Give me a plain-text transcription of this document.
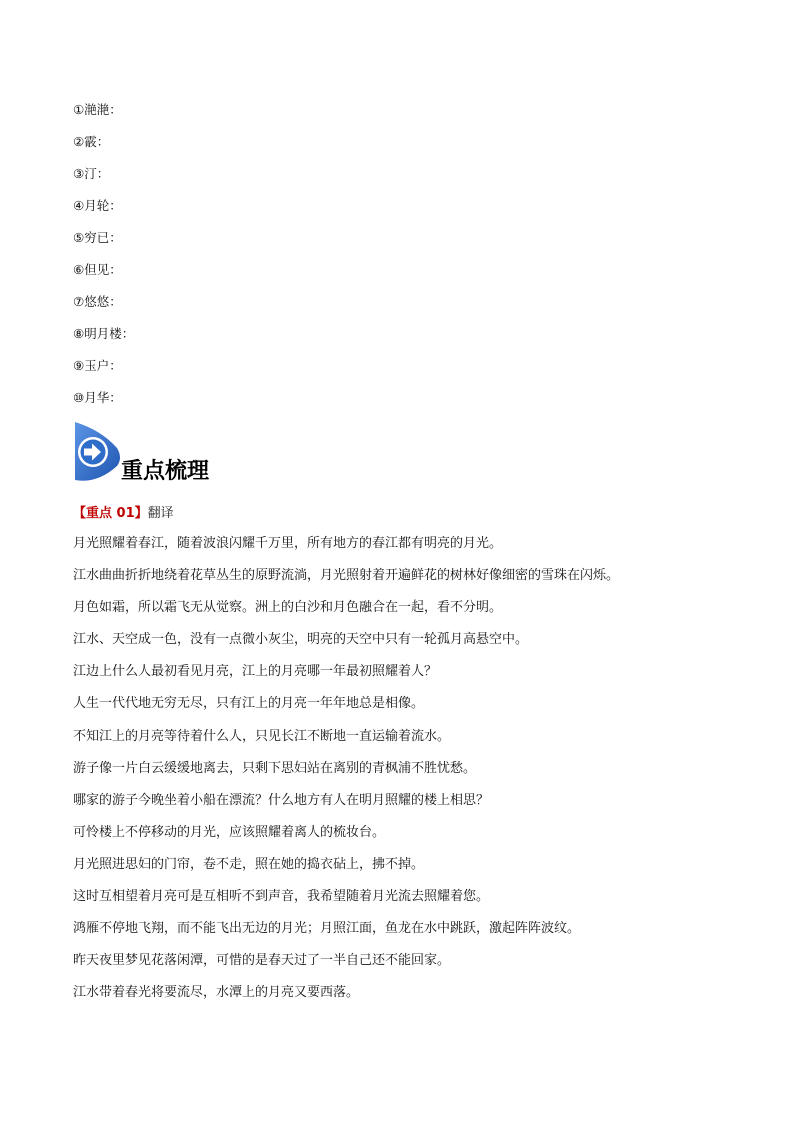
①滟滟：
②霰：
③汀：
④月轮：
⑤穷已：
⑥但见：
⑦悠悠：
⑧明月楼：
⑨玉户：
⑩月华：
重点梳理
【重点 01】翻译
月光照耀着春江，随着波浪闪耀千万里，所有地方的春江都有明亮的月光。
江水曲曲折折地绕着花草丛生的原野流淌，月光照射着开遍鲜花的树林好像细密的雪珠在闪烁。
月色如霜，所以霜飞无从觉察。洲上的白沙和月色融合在一起，看不分明。
江水、天空成一色，没有一点微小灰尘，明亮的天空中只有一轮孤月高悬空中。
江边上什么人最初看见月亮，江上的月亮哪一年最初照耀着人？
人生一代代地无穷无尽，只有江上的月亮一年年地总是相像。
不知江上的月亮等待着什么人，只见长江不断地一直运输着流水。
游子像一片白云缓缓地离去，只剩下思妇站在离别的青枫浦不胜忧愁。
哪家的游子今晚坐着小船在漂流？什么地方有人在明月照耀的楼上相思？
可怜楼上不停移动的月光，应该照耀着离人的梳妆台。
月光照进思妇的门帘，卷不走，照在她的捣衣砧上，拂不掉。
这时互相望着月亮可是互相听不到声音，我希望随着月光流去照耀着您。
鸿雁不停地飞翔，而不能飞出无边的月光；月照江面，鱼龙在水中跳跃，激起阵阵波纹。
昨天夜里梦见花落闲潭，可惜的是春天过了一半自己还不能回家。
江水带着春光将要流尽，水潭上的月亮又要西落。
